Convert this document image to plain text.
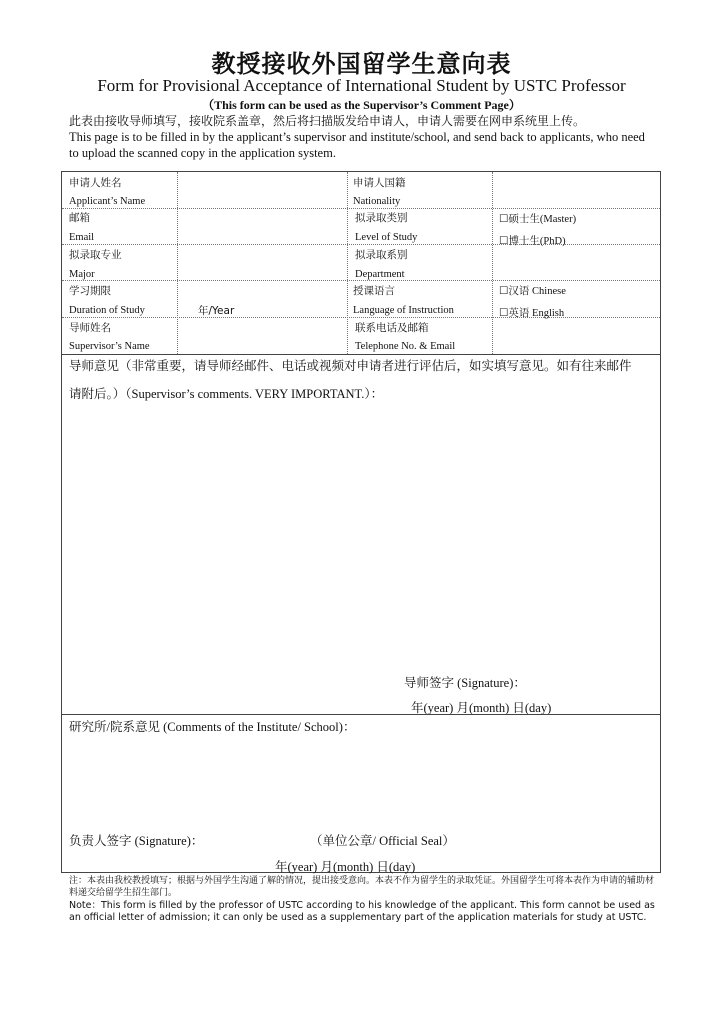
教授接收外国留学生意向表
Form for Provisional Acceptance of International Student by USTC Professor
（This form can be used as the Supervisor’s Comment Page）
此表由接收导师填写，接收院系盖章，然后将扫描版发给申请人，申请人需要在网申系统里上传。
This page is to be filled in by the applicant’s supervisor and institute/school, and send back to applicants, who need to upload the scanned copy in the application system.
申请人姓名
Applicant’s Name
申请人国籍
Nationality
邮箱
Email
拟录取类别
Level of Study
☐硕士生(Master)
☐博士生(PhD)
拟录取专业
Major
拟录取系别
Department
学习期限
Duration of Study	年/Year
授课语言
Language of Instruction
☐汉语 Chinese
☐英语 English
导师姓名
Supervisor’s Name
联系电话及邮箱
Telephone No. & Email
导师意见（非常重要，请导师经邮件、电话或视频对申请者进行评估后，如实填写意见。如有往来邮件
请附后。）（Supervisor’s comments. VERY IMPORTANT.）：
导师签字 (Signature)：
年(year) 月(month) 日(day)
研究所/院系意见 (Comments of the Institute/ School)：
负责人签字 (Signature)：	（单位公章/ Official Seal）
年(year) 月(month) 日(day)
注：本表由我校教授填写；根据与外国学生沟通了解的情况，提出接受意向。本表不作为留学生的录取凭证。外国留学生可将本表作为申请的辅助材料递交给留学生招生部门。
Note：This form is filled by the professor of USTC according to his knowledge of the applicant. This form cannot be used as an official letter of admission; it can only be used as a supplementary part of the application materials for study at USTC.
